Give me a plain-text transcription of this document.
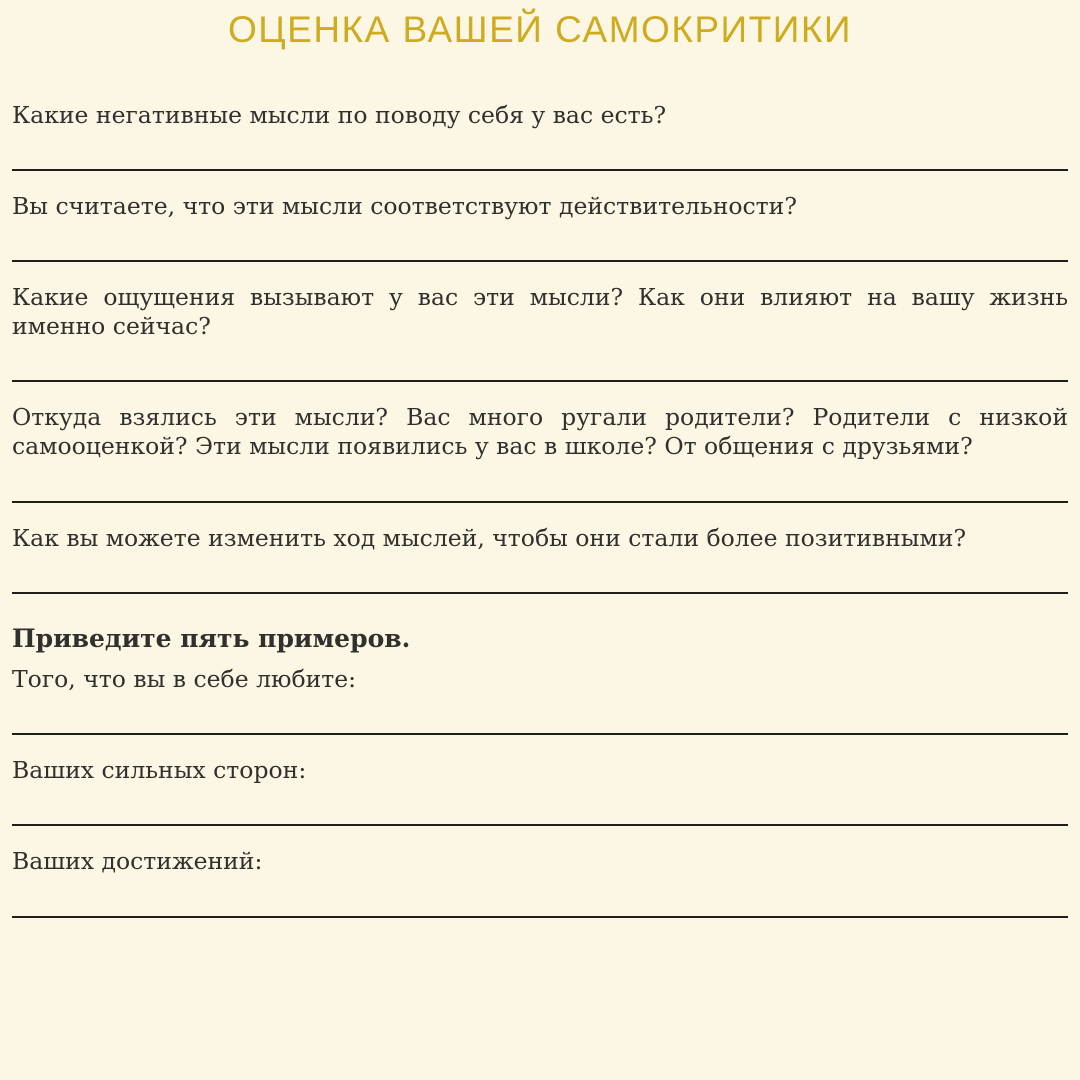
ОЦЕНКА ВАШЕЙ САМОКРИТИКИ
Какие негативные мысли по поводу себя у вас есть?
Вы считаете, что эти мысли соответствуют действительности?
Какие ощущения вызывают у вас эти мысли? Как они влияют на вашу жизнь именно сейчас?
Откуда взялись эти мысли? Вас много ругали родители? Родители с низкой самооценкой? Эти мысли появились у вас в школе? От общения с друзьями?
Как вы можете изменить ход мыслей, чтобы они стали более позитивными?
Приведите пять примеров.
Того, что вы в себе любите:
Ваших сильных сторон:
Ваших достижений:
